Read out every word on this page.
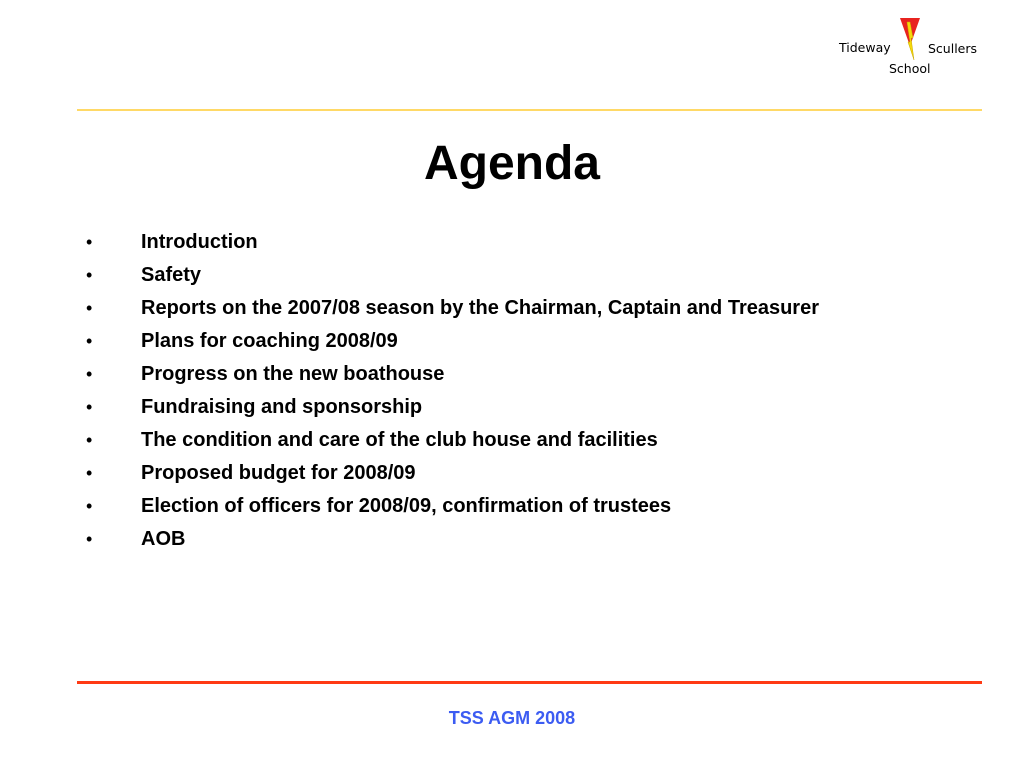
Tideway	Scullers
School
Agenda
• Introduction
• Safety
• Reports on the 2007/08 season by the Chairman, Captain and Treasurer
• Plans for coaching 2008/09
• Progress on the new boathouse
• Fundraising and sponsorship
• The condition and care of the club house and facilities
• Proposed budget for 2008/09
• Election of officers for 2008/09, confirmation of trustees
• AOB
TSS AGM 2008
